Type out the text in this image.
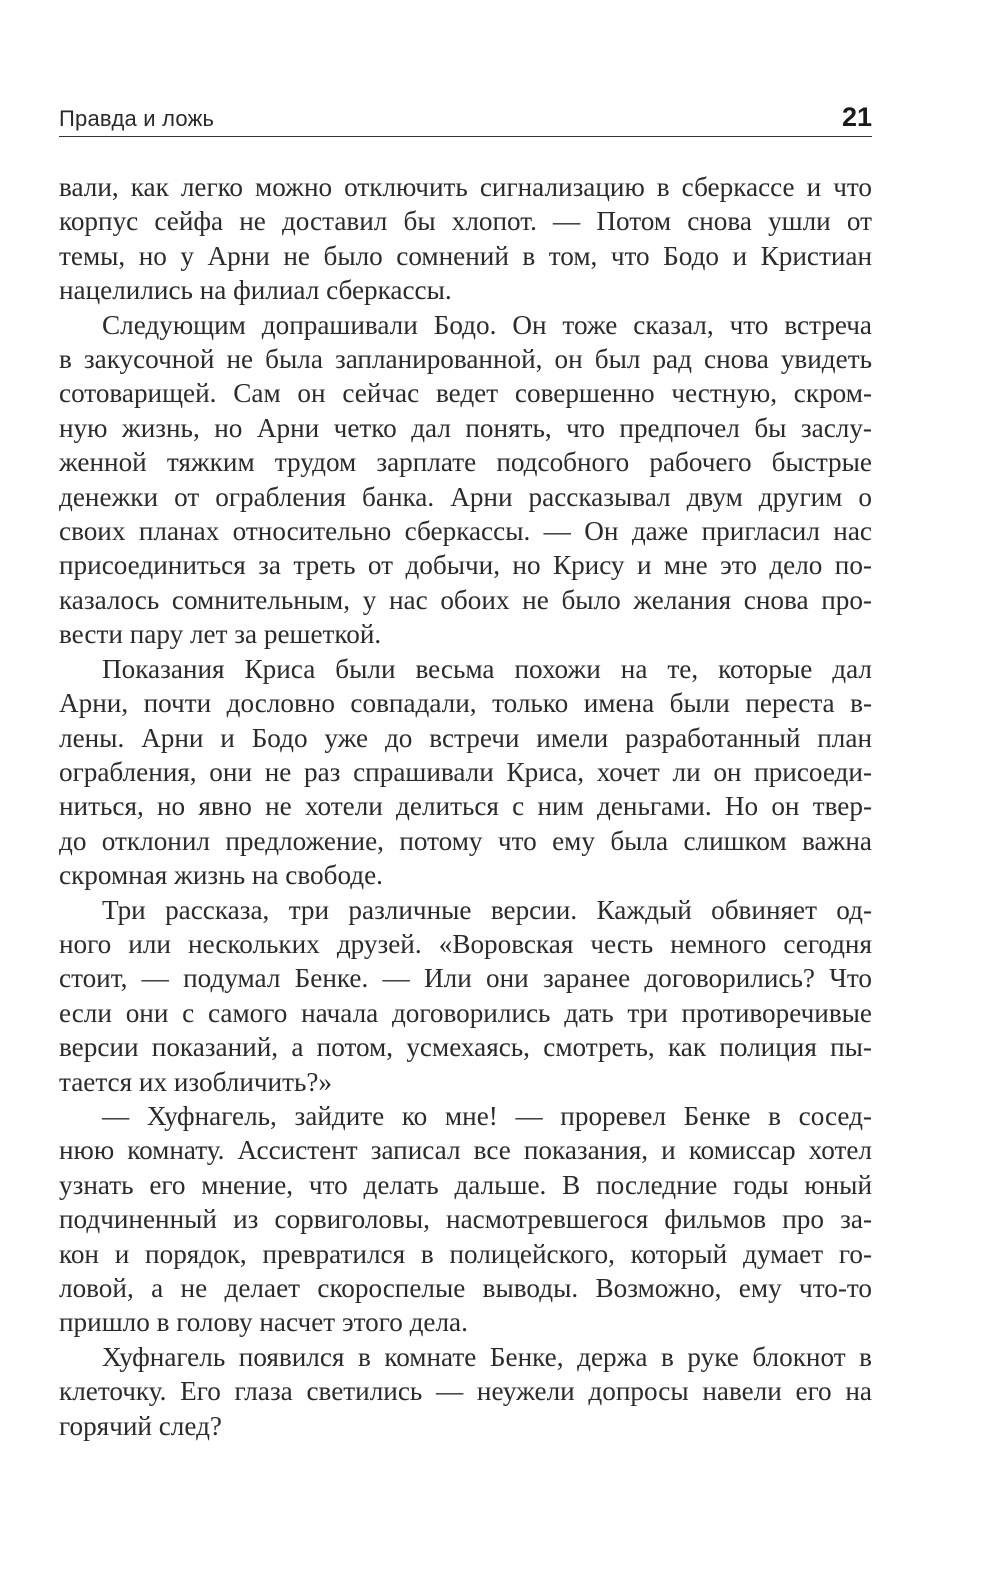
Правда и ложь	21

вали, как легко можно отключить сигнализацию в сберкассе и что
корпус сейфа не доставил бы хлопот. — Потом снова ушли от
темы, но у Арни не было сомнений в том, что Бодо и Кристиан
нацелились на филиал сберкассы.

Следующим допрашивали Бодо. Он тоже сказал, что встреча
в закусочной не была запланированной, он был рад снова увидеть
сотоварищей. Сам он сейчас ведет совершенно честную, скром-
ную жизнь, но Арни четко дал понять, что предпочел бы заслу-
женной тяжким трудом зарплате подсобного рабочего быстрые
денежки от ограбления банка. Арни рассказывал двум другим о
своих планах относительно сберкассы. — Он даже пригласил нас
присоединиться за треть от добычи, но Крису и мне это дело по-
казалось сомнительным, у нас обоих не было желания снова про-
вести пару лет за решеткой.

Показания Криса были весьма похожи на те, которые дал
Арни, почти дословно совпадали, только имена были переста в-
лены. Арни и Бодо уже до встречи имели разработанный план
ограбления, они не раз спрашивали Криса, хочет ли он присоеди-
ниться, но явно не хотели делиться с ним деньгами. Но он твер-
до отклонил предложение, потому что ему была слишком важна
скромная жизнь на свободе.

Три рассказа, три различные версии. Каждый обвиняет од-
ного или нескольких друзей. «Воровская честь немного сегодня
стоит, — подумал Бенке. — Или они заранее договорились? Что
если они с самого начала договорились дать три противоречивые
версии показаний, а потом, усмехаясь, смотреть, как полиция пы-
тается их изобличить?»

— Хуфнагель, зайдите ко мне! — проревел Бенке в сосед-
нюю комнату. Ассистент записал все показания, и комиссар хотел
узнать его мнение, что делать дальше. В последние годы юный
подчиненный из сорвиголовы, насмотревшегося фильмов про за-
кон и порядок, превратился в полицейского, который думает го-
ловой, а не делает скороспелые выводы. Возможно, ему что-то
пришло в голову насчет этого дела.

Хуфнагель появился в комнате Бенке, держа в руке блокнот в
клеточку. Его глаза светились — неужели допросы навели его на
горячий след?
